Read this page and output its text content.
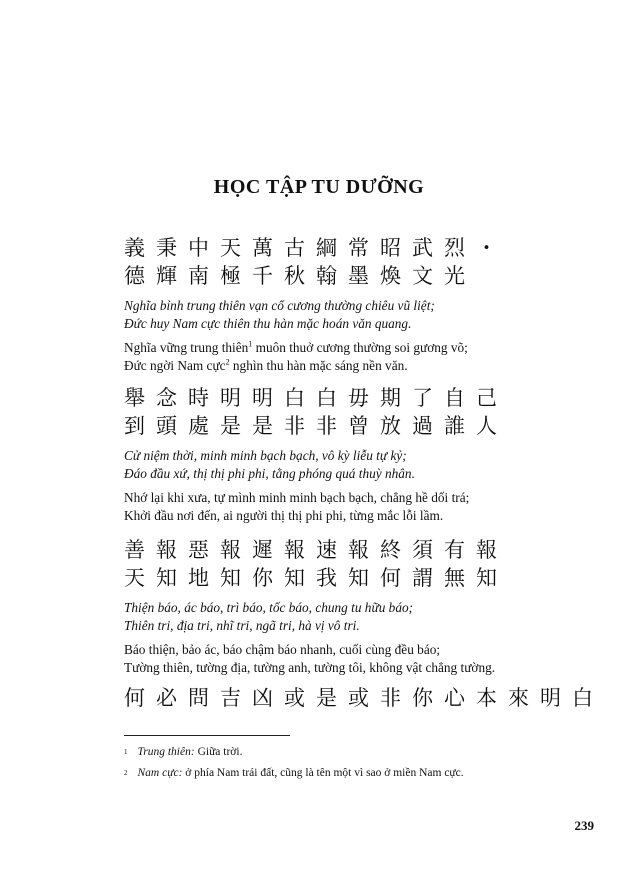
HỌC TẬP TU DƯỠNG
義秉中天萬古綱常昭武烈・
德輝南極千秋翰墨煥文光
Nghĩa bỉnh trung thiên vạn cổ cương thường chiêu vũ liệt;
Đức huy Nam cực thiên thu hàn mặc hoán văn quang.
Nghĩa vững trung thiên$^1$ muôn thuở cương thường soi gương võ;
Đức ngời Nam cực$^2$ nghìn thu hàn mặc sáng nền văn.
舉念時明明白白毋期了自己
到頭處是是非非曾放過誰人
Cử niệm thời, minh minh bạch bạch, vô kỳ liễu tự kỷ;
Đáo đầu xứ, thị thị phi phi, tằng phóng quá thuỳ nhân.
Nhớ lại khi xưa, tự mình minh minh bạch bạch, chẳng hề dối trá;
Khởi đầu nơi đến, ai người thị thị phi phi, từng mắc lỗi lầm.
善報惡報遲報速報終須有報
天知地知你知我知何謂無知
Thiện báo, ác báo, trì báo, tốc báo, chung tu hữu báo;
Thiên tri, địa tri, nhĩ tri, ngã tri, hà vị vô tri.
Báo thiện, bảo ác, báo chậm báo nhanh, cuối cùng đều báo;
Tường thiên, tường địa, tường anh, tường tôi, không vật chẳng tường.
何必問吉凶或是或非你心本來明白
$^1$ Trung thiên: Giữa trời.
$^2$ Nam cực: ở phía Nam trái đất, cũng là tên một vì sao ở miền Nam cực.
239
